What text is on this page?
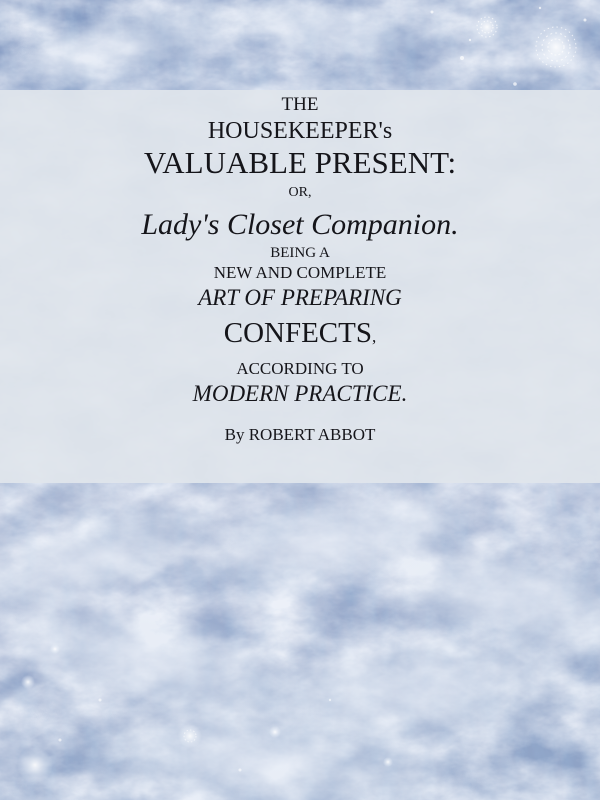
THE
HOUSEKEEPER's
VALUABLE PRESENT:
OR,
Lady's Closet Companion.
BEING A
NEW AND COMPLETE
ART OF PREPARING
CONFECTS,
ACCORDING TO
MODERN PRACTICE.
By ROBERT ABBOT
